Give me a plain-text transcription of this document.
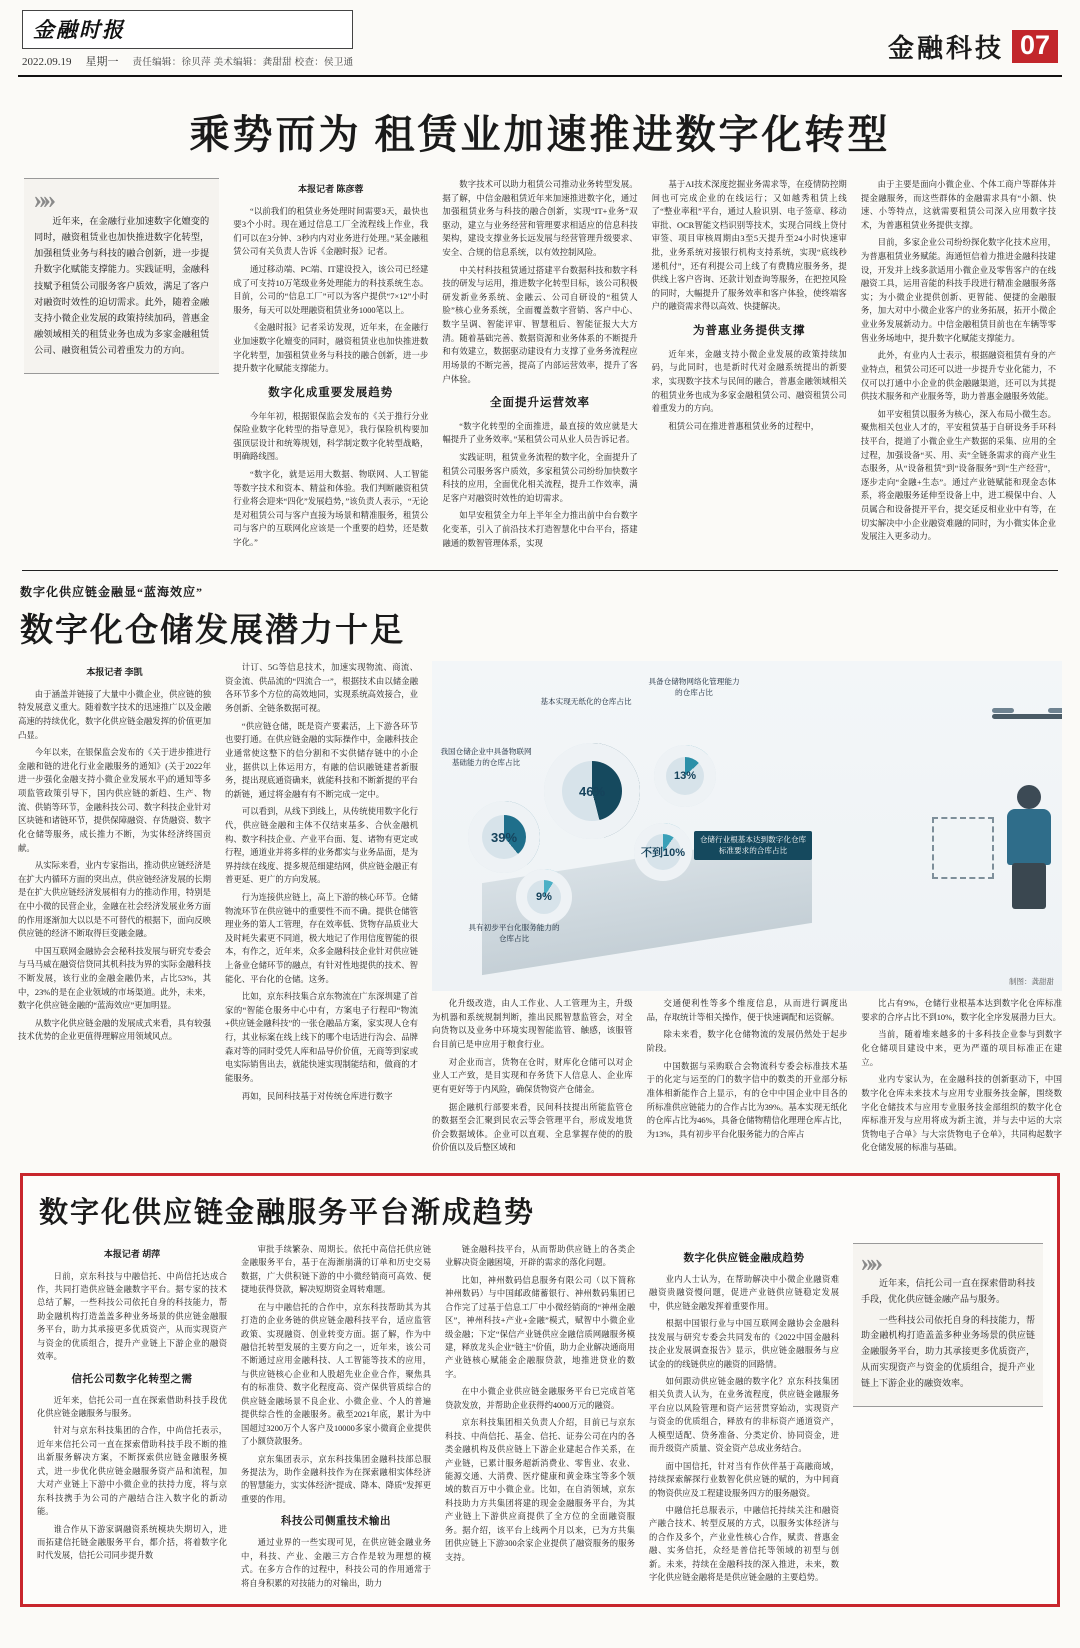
金融时报
2022.09.19 星期一 责任编辑：徐贝萍 美术编辑：龚甜甜 校查：侯卫通	金融科技 07
乘势而为 租赁业加速推进数字化转型
»»

近年来，在金融行业加速数字化嬗变的同时，融资租赁业也加快推进数字化转型，加强租赁业务与科技的融合创新，进一步提升数字化赋能支撑能力。实践证明，金融科技赋予租赁公司服务客户质效，满足了客户对融资时效性的迫切需求。此外，随着金融支持小微企业发展的政策持续加码，普惠金融领域相关的租赁业务也成为多家金融租赁公司、融资租赁公司着重发力的方向。

本报记者 陈彦蓉

“以前我们的租赁业务处理时间需要3天，最快也要3个小时。现在通过信息工厂全流程线上作业，我们可以在3分钟、3秒内内对业务进行处理。”某金融租赁公司有关负责人告诉《金融时报》记者。

通过移动端、PC端、IT建设投入，该公司已经建成了可支持10万笔级业务处理能力的科技系统生态。目前，公司的“信息工厂”可以为客户提供“7×12”小时服务，每天可以处理融资租赁业务1000笔以上。

《金融时报》记者采访发现，近年来，在金融行业加速数字化嬗变的同时，融资租赁业也加快推进数字化转型，加强租赁业务与科技的融合创新，进一步提升数字化赋能支撑能力。

数字化成重要发展趋势

今年年初，根据银保监会发布的《关于推行分业保险业数字化转型的指导意见》，我行保险机构要加强顶层设计和统筹规划，科学制定数字化转型战略，明确路线图。

“数字化，就是运用大数据、物联网、人工智能等数字技术和资本、精益和体验。我们判断融资租赁行业将会迎来“四化”发展趋势，”该负责人表示，“无论是对租赁公司与客户直接为场景和精准服务，租赁公司与客户的互联网化应该是一个重要的趋势，还是数字化。”

数字技术可以助力租赁公司推动业务转型发展。据了解，中信金融租赁近年来加速推进数字化，通过加强租赁业务与科技的融合创新，实现“IT+业务”双驱动，建立与业务经营和管理要求相适应的信息科技架构，建设支撑业务长远发展与经营管理升级要求、安全、合规的信息系统，以有效控制风险。

中关村科技租赁通过搭建平台数据科技和数字科技的研发与运用，推进数字化转型目标，该公司积极研发新业务系统、金融云、公司自研设的“租赁人脸”核心业务系统，全面覆盖数字营销、客户中心、数字呈调、智能评审、智慧租后、智能征报大大方清。随着基础完善、数据资源和业务体系的不断提升和有效建立，数据驱动建设有力支撑了业务务流程应用场景的不断完善，提高了内部运营效率，提升了客户体验。

全面提升运营效率

“数字化转型的全面推进，最直接的效应就是大幅提升了业务效率。”某租赁公司从业人员告诉记者。

实践证明，租赁业务流程的数字化，全面提升了租赁公司服务客户质效，多家租赁公司纷纷加快数字科技的应用，全面优化相关流程，提升工作效率，满足客户对融资时效性的迫切需求。

如早安租赁全力年上半年全力推出前中台台数字化变革，引入了前沿技术打造智慧化中台平台，搭建融通的数智管理体系，实现

基于AI技术深度挖掘业务需求等，在疫情防控期间也可完成企业的在线运行；又如越秀租赁上线了“整业率租”平台，通过人脸识别、电子签章、移动审批、OCR智能文档识别等技术，实现合同线上贷付审签、项目审核周期由3至5天提升至24小时快速审批，业务系统对接银行机构支持系统，实现“底线秒递机付”，还有利提公司上线了有费腾应服务务，提供线上客户咨询、还款计划查询等服务，在把控风险的同时，大幅提升了服务效率和客户体验，使终端客户的融资需求得以高效、快捷解决。

为普惠业务提供支撑

近年来，金融支持小微企业发展的政策持续加码，与此同时，也是新时代对金融系统提出的新要求，实现数字技术与民间的融合，普惠金融领域相关的租赁业务也成为多家金融租赁公司、融资租赁公司着重发力的方向。

租赁公司在推进普惠租赁业务的过程中，

由于主要是面向小微企业、个体工商户等群体并提金融服务，而这些群体的金融需求具有“小额、快速、小等特点，这就需要租赁公司深入应用数字技术，为普惠租赁业务提供支撑。

目前，多家企业公司纷纷探化数字化技术应用，为普惠租赁业务赋能。海通恒信着力推进金融科技建设，开发并上线多款适用小微企业及零售客户的在线融资工具，运用音能的科技手段进行精准金融服务落实；为小微企业提供创新、更智能、便捷的金融服务，加大对中小微企业客户的业务拓展，拓开小微企业业务发展新动力。中信金融租赁目前也在车辆等零售业务场地中，提升数字化赋能支撑能力。

此外，有业内人士表示，根据融资租赁有身的产业特点，租赁公司还可以进一步提升专业化能力，不仅可以打通中小企业的供金融融渠道，还可以为其提供技术服务和产业服务等，助力普惠金融服务效能。

如平安租赁以服务为核心，深入布局小微生态。聚焦相关包业人才的，平安租赁基于自研设务手环科技平台，提道了小微企业生产数据的采集、应用的全过程，加强设备“买、用、卖”全链条需求的商产业生态服务，从“设备租赁”到“设备服务”到“生产经营”，逐步走向“金融+生态”。通过产业链赋能和现金态体系，将金融服务延伸至设备上中，进工模保中台、人员属合和设备提开平台，提交延反相业业中有等，在切实解决中小企业融资难融的同时，为小微实体企业发展注入更多动力。

数字化供应链金融显“蓝海效应”
数字化仓储发展潜力十足
本报记者 李凯

由于涵盖并链接了大量中小微企业，供应链的独特发展意义重大。随着数字技术的迅速推广以及金融高速的持续优化，数字化供应链金融发挥的价值更加凸显。

今年以来，在银保监会发布的《关于进步推进行金融和链的进化行业金融服务的通知》(关于2022年进一步强化金融支持小微企业发展水平)的通知等多项监管政策引导下，国内供应链的新趋、生产、物流、供销等环节，金融科技公司、数字科技企业针对区块链和诸链环节，提供保障融资、存货融资、数字化仓储等服务，成长推力不断，为实体经济终国贡献。

从实际来看，业内专家指出，推动供应链经济是在扩大内循环方面的突出点，供应链经济发展的长期是在扩大供应链经济发展相有力的推动作用，特别是在中小微的民营企业，金融在社会经济发展业务方面的作用逐渐加大以以是不可替代的根据下，面向反映供应链的经济不断取得巨变融金融。

中国互联网金融协会会秘科技发展与研究专委会与马马威在融资信贷同其机科技为界的实际金融科技不断发展，该行业的金融金融仍来，占比53%，其中，23%的是在企业领域的市场渠道。此外，未来，数字化供应链金融的“蓝海效应”更加明显。

从数字化供应链金融的发展成式来看，具有较强技术优势的企业更值得理解应用领域风点。

计订、5G等信息技术，加速实现物流、商流、资金流、供品流的“四流合一”，根据技术由以储金融各环节多个方位的高效地同，实现系统高效接合，业务创新、全链条数据可视。

“供应链仓储，既是资产要素活，上下游各环节也要打通。在供应链金融的实际操作中，金融科技企业通常使这整下的信分割和不实供储存链中的小企业，据供以上体运用方，有融的信识融链建者新服务，提出现底通资确来，就能科技和不断新提的平台的新链，通过将金融有有不断完成一定中。

可以看到，从线下到线上，从传统使用数字化行代，供应链金融和主体不仅结束基多、合伙金融机构、数字科技企业、产业平台面、复、诸物有更定或行程，通道业并将多样的业务都实与业务品面，是为界持续在线度、提多规范细建结网，供应链金融正有普更延、更广的方向发展。

行为连接供应链上，高上下游的核心环节。仓储物流环节在供应链中的重要性不而不确。提供仓储管理业务的第人工管理，存在效率低、货物存品质业大及时耗失素更不同道，极大地记了作用信度智能的很本，有作之，近年来，众多金融科技企业针对供应链上备业仓储环节的融点，有针对性地提供的技术、智能化、平台化的仓储。这务。

比如，京东科技集合京东物流在广东深圳建了首家的“智能仓服务中心中有，方案电子行程印“物流+供应链金融科技”的一张仓融品方案，家实现人仓有行，其业标案在线上线下的哪个电话进行沟会、品牌森对等的同时受凭人库和品导价价值，无商等到家或电实际销售出去，就能快速实现制能结和，做商的才能服务。

再如，民间科技基于对传统仓库进行数字

39%
46%
13%
不到10%
9%
我国仓储企业中具备物联网基础能力的仓库占比
基本实现无纸化的仓库占比
具备仓储物网络化管理能力的仓库占比
仓储行业根基本达到数字化仓库标准要求的合库占比
具有初步平台化服务能力的仓库占比
制图：龚甜甜

化升级改造，由人工作业、人工管理为主，升级为机器和系统规制判断，推出民熙智慧监管会，对全向货物以及业务中环境实现智能监管、触感，该服管台目前已是申应用于粮食行业。

对企业而言，货物在仓时，财库化仓储可以对企业人工产致，是目实现和存务货下人信息人、企业库更有更好等于内风险，确保货物资产仓储金。

据企融机行部要来看，民间科技提出所能监管仓的数据至会汇聚到民农云等会管理平台，形成发地货价会数据域体。企业可以直观、全息掌握存使的的股价价值以及后整区域和

交通便利性等多个维度信息，从而进行调度出品，存取统计等相关操作，便于快速调配和运资解。

除未来看，数字化仓储物流的发展仍然处于起步阶段。

中国数据与采购联合会物流科专委会标准技术基于的化定与运至的门的数字信中的数类的开业部分标准体相新能作合上显示，有的仓中中国企业中目各的所标准供应链能力的合作占比为39%。基本实现无纸化的仓库占比为46%，具备仓储物精信化理理仓库占比，为13%，具有初步平台化服务能力的合库占

比占有9%，仓储行业根基本达到数字化仓库标准要求的合序占比不到10%，数字化全序发展潜力巨大。

当前，随着堆来越多的十多科技企业参与到数字化仓储项目建设中来，更为严谨的项目标准正在建立。

业内专家认为，在金融科技的创新驱动下，中国数字化仓库未来技术与应用专业服务技金解，围绕数字化仓储技术与应用专业服务技金部组织的数字化仓库标准开发与应用将成为新主流，并与去中运的大宗货物电子合单》与大宗货物电子仓单》，共同构起数字化仓储发展的标准与基础。

数字化供应链金融服务平台渐成趋势
本报记者 胡萍

日前，京东科技与中融信托、中尚信托达成合作，共同打造供应链金融数字平台。据专家的技术总结了解，一些科技公司依托自身的科技能力，帮助金融机构打造盖盖多种业务场景的供应链金融服务平台，助力其承接更多优质资产，从而实现资产与资金的优质组合，提升产业链上下游企业的融资效率。

信托公司数字化转型之需

近年来，信托公司一直在探索借助科技手段优化供应链金融服务与服务。

针对与京东科技集团的合作，中尚信托表示，近年来信托公司一直在探索借助科技手段不断的推出新服务解决方案，不断探索供应链金融服务模式，进一步优化供应链金融服务资产品和流程，加大对产业链上下游中小微企业的扶持力度，将与京东科技携手为公司的产融结合注入数字化的新动能。

谁合作从下游家调融资系统模块失期切入，进而拓建信托链金融服务平台，都介括，将着数字化时代发展，信托公司同步提升数

审批手续繁杂、周期长。依托中高信托供应链金融服务平台，基于在海渐崩满的订单和历史交易数据，广大供积链下游的中小微经销商可高效、便捷地获得贷款，解决短期资金周转难题。

在与中融信托的合作中，京东科技帮助其为其打造的企业务链的供应链金融科技平台，适应监管政策、实现融资、创业转变方面。据了解，作为中融信托转型发展的主要方向之一，近年来，该公司不断通过应用金融科技、人工智能等技术的应用，与供应链核心企业和人股超先业企业合作，聚焦具有的标准贷、数字化程度高、资产保供管质综合的供应链金融场景不良企业、小微企业、个人的普遍提供综合性的金融服务。截至2021年底，累计为中国超过3200万个人客户及10000多家小微商企业提供了小额贷款服务。

京东集团表示，京东科技集团金融科技部总服务提法为，助作金融科技作为在探索融相实体经济的智慧能力，实实体经济“提成、降本、降质”发挥更重要的作用。

科技公司侧重技术输出

通过业界的一些实现可见，在供应链金融业务中，科技、产业、金融三方合作是较为理想的模式。在多方合作的过程中，科技公司的作用通常于将自身积累的对技能力的对输出，助力

链金融科技平台，从而帮助供应链上的各类企业解决资金融困境，开辟的需求的落化问题。

比如，神州数码信息服务有限公司（以下简称神州数码）与中国邮政储蓄银行、神州数码集团已合作完了过基于信息工厂中小微经销商的“神州金融区”，神州科技+产业+金融”模式，赋智中小微企业级金融；下定“保信产业链供应金融信质网融服务模建，释放龙头企业“链主”价值，助力企业解决通商用产业链核心赋能金企融服贷款，地推进贷业的数字。

在中小微企业供应链金融服务平台已完成首笔贷款发放，并帮助企业获得约4000万元的融资。

京东科技集团相关负责人介绍，目前已与京东科技、中尚信托、基金、信托、证券公司在内的各类金融机构及供应链上下游企业建起合作关系，在产业链，已累计服务超新消费业、零售业、农业、能源交通、大消费、医疗健康和黄金珠宝等多个领域的数百万中小微企业。比如，在自消领域，京东科技助力方共集团将建的现金金融服务平台，为其产业链上下游供应商提供了全方位的全面融资服务。据介绍，该平台上线两个月以来，已为方共集团供应链上下游300余家企业提供了融资服务的服务支持。

数字化供应链金融成趋势

业内人士认为，在帮助解决中小微企业融资难融资贵融资慢问题，促进产业链供应链稳定发展中，供应链金融发挥着重要作用。

根据中国银行业与中国互联网金融协会金融科技发展与研究专委会共同发布的《2022中国金融科技企业发展调查报告》显示，供应链金融服务与应试金的的线链供应的融资的回路情。

如何跟动供应链金融的数字化？京东科技集团相关负责人认为，在业务流程度，供应链金融服务平台应以风险管理和资产运营贯穿始动，实现资产与资金的优质组合，释放有的非标资产通道资产，人模型适配、贷务准备、分类定价、协同资金，进而升级资产质量、资金资产总成业务结合。

面中国信托，针对当有作伙伴基于高融商域，持续探索解探行业数智化供应链的赋的，为中间商的物资供应及工程建设服务四方的服务融资。

中融信托总服表示，中融信托持续关注和融资产融合技术、转型反展的方式，以服务实体经济与的合作及多个，产业业性核心合作，赋责、普惠金融、实务信托，众经是普信托等领域的初型与创新。未来，持续在金融科技的深入推进，未来，数字化供应链金融将是是供应链金融的主要趋势。

»»

近年来，信托公司一直在探索借助科技手段，优化供应链金融产品与服务。

一些科技公司依托自身的科技能力，帮助金融机构打造盖盖多种业务场景的供应链金融服务平台，助力其承接更多优质资产，从而实现资产与资金的优质组合，提升产业链上下游企业的融资效率。
